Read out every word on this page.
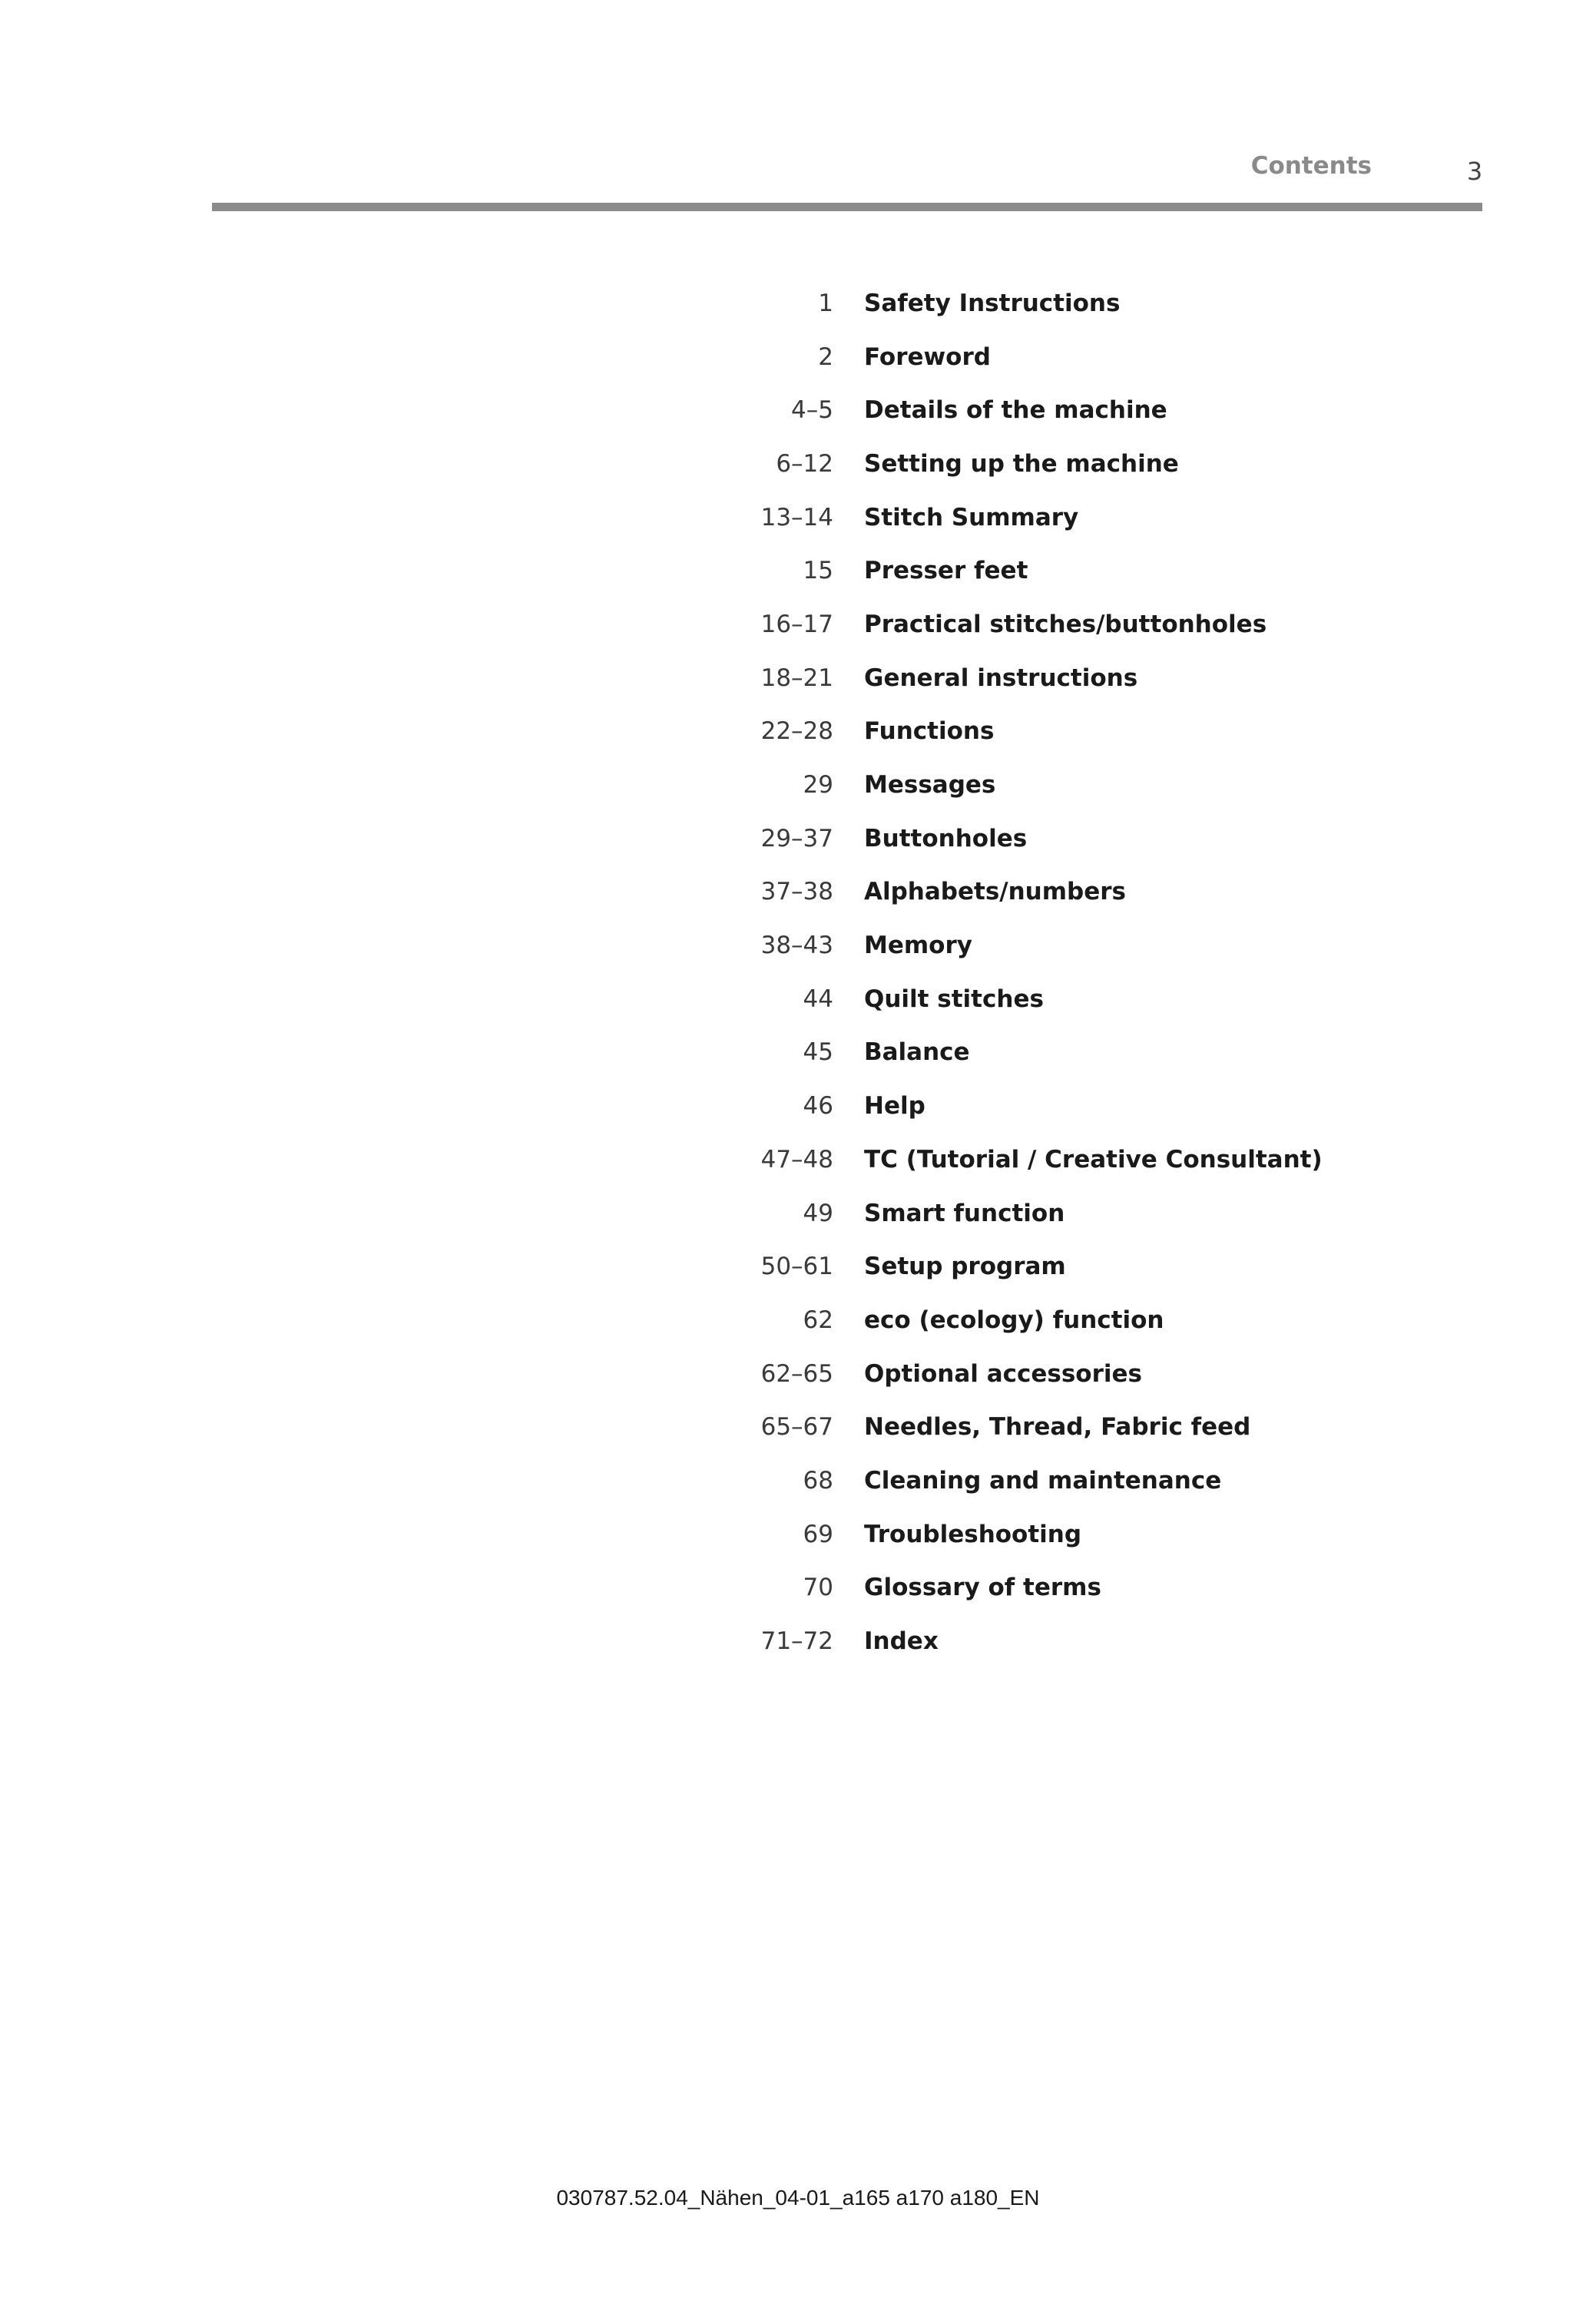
Contents	3
1 Safety Instructions
2 Foreword
4–5 Details of the machine
6–12 Setting up the machine
13–14 Stitch Summary
15 Presser feet
16–17 Practical stitches/buttonholes
18–21 General instructions
22–28 Functions
29 Messages
29–37 Buttonholes
37–38 Alphabets/numbers
38–43 Memory
44 Quilt stitches
45 Balance
46 Help
47–48 TC (Tutorial / Creative Consultant)
49 Smart function
50–61 Setup program
62 eco (ecology) function
62–65 Optional accessories
65–67 Needles, Thread, Fabric feed
68 Cleaning and maintenance
69 Troubleshooting
70 Glossary of terms
71–72 Index
030787.52.04_Nähen_04-01_a165 a170 a180_EN
